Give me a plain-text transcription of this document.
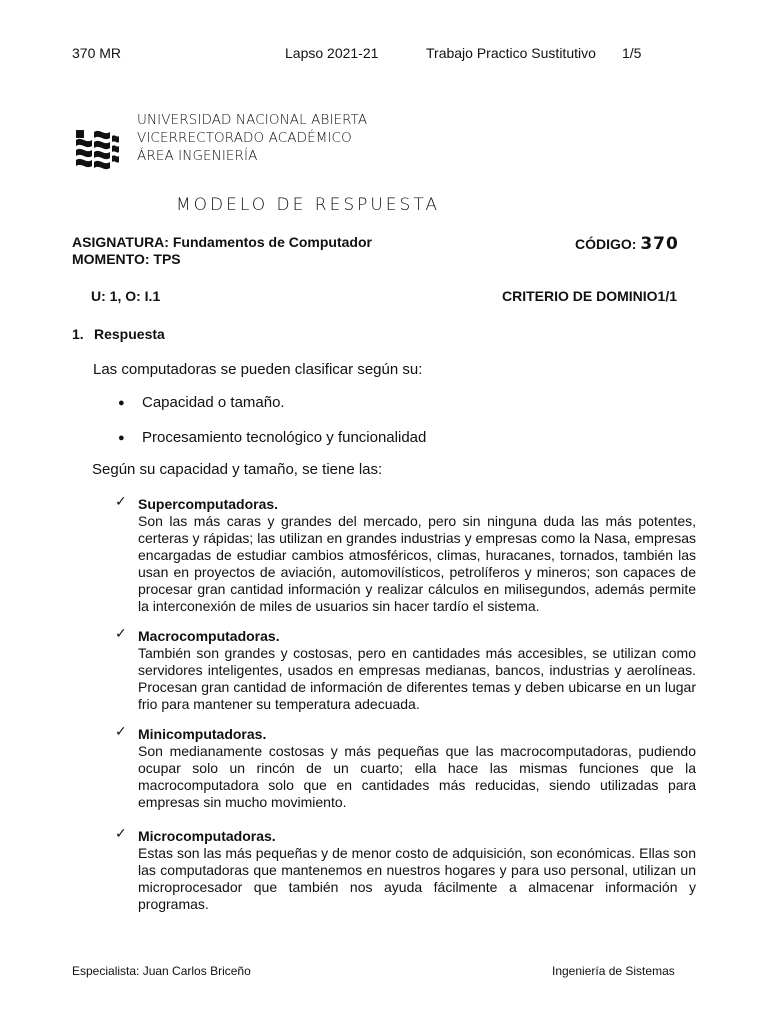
370 MR	Lapso 2021-21	Trabajo Practico Sustitutivo 1/5
UNIVERSIDAD NACIONAL ABIERTA
VICERRECTORADO ACADÉMICO
ÁREA INGENIERÍA
MODELO DE RESPUESTA
ASIGNATURA: Fundamentos de Computador	CÓDIGO: 370
MOMENTO: TPS
U: 1, O: I.1	CRITERIO DE DOMINIO1/1
1. Respuesta
Las computadoras se pueden clasificar según su:
● Capacidad o tamaño.
● Procesamiento tecnológico y funcionalidad
Según su capacidad y tamaño, se tiene las:
✓ Supercomputadoras.
Son las más caras y grandes del mercado, pero sin ninguna duda las más potentes, certeras y rápidas; las utilizan en grandes industrias y empresas como la Nasa, empresas encargadas de estudiar cambios atmosféricos, climas, huracanes, tornados, también las usan en proyectos de aviación, automovilísticos, petrolíferos y mineros; son capaces de procesar gran cantidad información y realizar cálculos en milisegundos, además permite la interconexión de miles de usuarios sin hacer tardío el sistema.
✓ Macrocomputadoras.
También son grandes y costosas, pero en cantidades más accesibles, se utilizan como servidores inteligentes, usados en empresas medianas, bancos, industrias y aerolíneas. Procesan gran cantidad de información de diferentes temas y deben ubicarse en un lugar frio para mantener su temperatura adecuada.
✓ Minicomputadoras.
Son medianamente costosas y más pequeñas que las macrocomputadoras, pudiendo ocupar solo un rincón de un cuarto; ella hace las mismas funciones que la macrocomputadora solo que en cantidades más reducidas, siendo utilizadas para empresas sin mucho movimiento.
✓ Microcomputadoras.
Estas son las más pequeñas y de menor costo de adquisición, son económicas. Ellas son las computadoras que mantenemos en nuestros hogares y para uso personal, utilizan un microprocesador que también nos ayuda fácilmente a almacenar información y programas.
Especialista: Juan Carlos Briceño	Ingeniería de Sistemas
